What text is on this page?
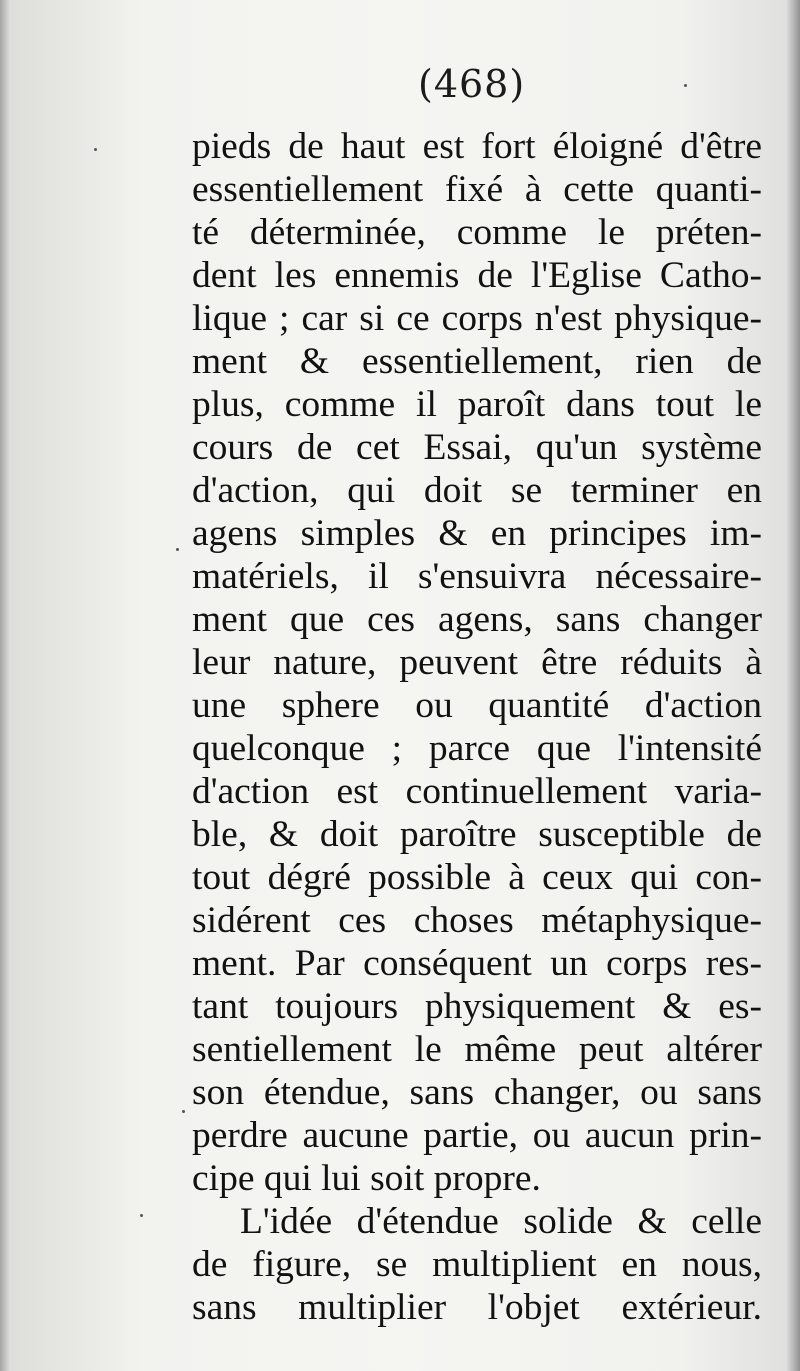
(468)
pieds de haut est fort éloigné d'être
essentiellement fixé à cette quanti-
té déterminée, comme le préten-
dent les ennemis de l'Eglise Catho-
lique ; car si ce corps n'est physique-
ment & essentiellement, rien de
plus, comme il paroît dans tout le
cours de cet Essai, qu'un système
d'action, qui doit se terminer en
agens simples & en principes im-
matériels, il s'ensuivra nécessaire-
ment que ces agens, sans changer
leur nature, peuvent être réduits à
une sphere ou quantité d'action
quelconque ; parce que l'intensité
d'action est continuellement varia-
ble, & doit paroître susceptible de
tout dégré possible à ceux qui con-
sidérent ces choses métaphysique-
ment. Par conséquent un corps res-
tant toujours physiquement & es-
sentiellement le même peut altérer
son étendue, sans changer, ou sans
perdre aucune partie, ou aucun prin-
cipe qui lui soit propre.
L'idée d'étendue solide & celle
de figure, se multiplient en nous,
sans multiplier l'objet extérieur.
